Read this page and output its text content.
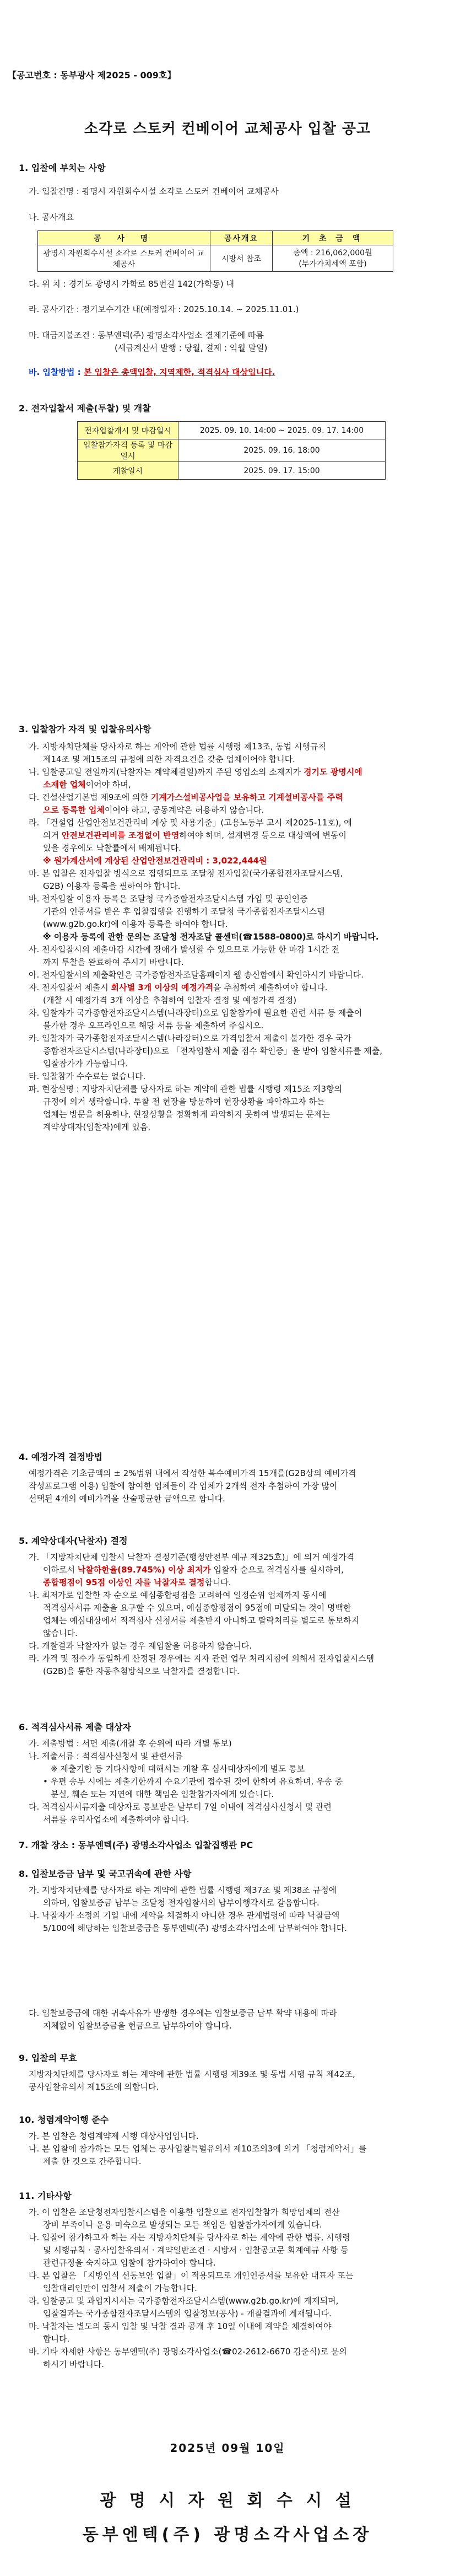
【공고번호 : 동부광사 제2025 - 009호】
소각로 스토커 컨베이어 교체공사 입찰 공고
1. 입찰에 부치는 사항
가. 입찰건명 : 광명시 자원회수시설 소각로 스토커 컨베이어 교체공사
나. 공사개요
공 사 명	공사개요	기 초 금 액
광명시 자원회수시설 소각로 스토커 컨베이어 교체공사	시방서 참조	총액 : 216,062,000원
(부가가치세액 포함)
다. 위 치 : 경기도 광명시 가학로 85번길 142(가학동) 내
라. 공사기간 : 정기보수기간 내(예정일자 : 2025.10.14. ~ 2025.11.01.)
마. 대금지불조건 : 동부엔텍(주) 광명소각사업소 결제기준에 따름
(세금계산서 발행 : 당월, 결제 : 익월 말일)
바. 입찰방법 : 본 입찰은 총액입찰, 지역제한, 적격심사 대상입니다.
2. 전자입찰서 제출(투찰) 및 개찰
전자입찰개시 및 마감일시	2025. 09. 10. 14:00 ~ 2025. 09. 17. 14:00
입찰참가자격 등록 및 마감일시	2025. 09. 16. 18:00
개찰일시	2025. 09. 17. 15:00
3. 입찰참가 자격 및 입찰유의사항
가. 지방자치단체를 당사자로 하는 계약에 관한 법률 시행령 제13조, 동법 시행규칙
제14조 및 제15조의 규정에 의한 자격요건을 갖춘 업체이어야 합니다.
나. 입찰공고일 전일까지(낙찰자는 계약체결일)까지 주된 영업소의 소재지가 경기도 광명시에
소재한 업체이어야 하며,
다. 건설산업기본법 제9조에 의한 기계가스설비공사업을 보유하고 기계설비공사를 주력
으로 등록한 업체이어야 하고, 공동계약은 허용하지 않습니다.
라. 「건설업 산업안전보건관리비 계상 및 사용기준」(고용노동부 고시 제2025-11호), 에
의거 안전보건관리비를 조정없이 반영하여야 하며, 설계변경 등으로 대상액에 변동이
있을 경우에도 낙찰률에서 배제됩니다.
※ 원가계산서에 계상된 산업안전보건관리비 : 3,022,444원
마. 본 입찰은 전자입찰 방식으로 집행되므로 조달청 전자입찰(국가종합전자조달시스템,
G2B) 이용자 등록을 필하여야 합니다.
바. 전자입찰 이용자 등록은 조달청 국가종합전자조달시스템 가입 및 공인인증
기관의 인증서를 받은 후 입찰집행을 진행하기 조달청 국가종합전자조달시스템
(www.g2b.go.kr)에 이용자 등록을 하여야 합니다.
※ 이용자 등록에 관한 문의는 조달청 전자조달 콜센터(☎1588-0800)로 하시기 바랍니다.
사. 전자입찰시의 제출마감 시간에 장애가 발생할 수 있으므로 가능한 한 마감 1시간 전
까지 투찰을 완료하여 주시기 바랍니다.
아. 전자입찰서의 제출확인은 국가종합전자조달홈페이지 웹 송신함에서 확인하시기 바랍니다.
자. 전자입찰서 제출시 회사별 3개 이상의 예정가격을 추첨하여 제출하여야 합니다.
(개찰 시 예정가격 3개 이상을 추첨하여 입찰자 결정 및 예정가격 결정)
차. 입찰자가 국가종합전자조달시스템(나라장터)으로 입찰참가에 필요한 관련 서류 등 제출이
불가한 경우 오프라인으로 해당 서류 등을 제출하여 주십시오.
카. 입찰자가 국가종합전자조달시스템(나라장터)으로 가격입찰서 제출이 불가한 경우 국가
종합전자조달시스템(나라장터)으로 「전자입찰서 제출 접수 확인증」을 받아 입찰서류를 제출,
입찰참가가 가능합니다.
타. 입찰참가 수수료는 없습니다.
파. 현장설명 : 지방자치단체를 당사자로 하는 계약에 관한 법률 시행령 제15조 제3항의
규정에 의거 생략합니다. 투찰 전 현장을 방문하여 현장상황을 파악하고자 하는
업체는 방문을 허용하나, 현장상황을 정확하게 파악하지 못하여 발생되는 문제는
계약상대자(입찰자)에게 있음.
4. 예정가격 결정방법
예정가격은 기초금액의 ± 2%범위 내에서 작성한 복수예비가격 15개를(G2B상의 예비가격
작성프로그램 이용) 입찰에 참여한 업체들이 각 업체가 2개씩 전자 추첨하여 가장 많이
선택된 4개의 예비가격을 산술평균한 금액으로 합니다.
5. 계약상대자(낙찰자) 결정
가. 「지방자치단체 입찰시 낙찰자 결정기준(행정안전부 예규 제325호)」에 의거 예정가격
이하로서 낙찰하한율(89.745%) 이상 최저가 입찰자 순으로 적격심사를 실시하여,
종합평점이 95점 이상인 자를 낙찰자로 결정합니다.
나. 최저가로 입찰한 자 순으로 예심종합평점을 고려하여 일정순위 업체까지 동시에
적격심사서류 제출을 요구할 수 있으며, 예심종합평점이 95점에 미달되는 것이 명백한
업체는 예심대상에서 적격심사 신청서를 제출받지 아니하고 탈락처리를 별도로 통보하지
않습니다.
다. 개찰결과 낙찰자가 없는 경우 재입찰을 허용하지 않습니다.
라. 가격 및 점수가 동일하게 산정된 경우에는 지자 관련 업무 처리지침에 의해서 전자입찰시스템
(G2B)을 통한 자동추첨방식으로 낙찰자를 결정합니다.
6. 적격심사서류 제출 대상자
가. 제출방법 : 서면 제출(개찰 후 순위에 따라 개별 통보)
나. 제출서류 : 적격심사신청서 및 관련서류
※ 제출기한 등 기타사항에 대해서는 개찰 후 심사대상자에게 별도 통보
• 우편 송부 시에는 제출기한까지 수요기관에 접수된 것에 한하여 유효하며, 우송 중
분실, 훼손 또는 지연에 대한 책임은 입찰참가자에게 있습니다.
다. 적격심사서류제출 대상자로 통보받은 날부터 7일 이내에 적격심사신청서 및 관련
서류를 우리사업소에 제출하여야 합니다.
7. 개찰 장소 : 동부엔텍(주) 광명소각사업소 입찰집행관 PC
8. 입찰보증금 납부 및 국고귀속에 관한 사항
가. 지방자치단체를 당사자로 하는 계약에 관한 법률 시행령 제37조 및 제38조 규정에
의하며, 입찰보증금 납부는 조달청 전자입찰서의 납부이행각서로 갈음합니다.
나. 낙찰자가 소정의 기일 내에 계약을 체결하지 아니한 경우 관계법령에 따라 낙찰금액
5/100에 해당하는 입찰보증금을 동부엔텍(주) 광명소각사업소에 납부하여야 합니다.
다. 입찰보증금에 대한 귀속사유가 발생한 경우에는 입찰보증금 납부 확약 내용에 따라
지체없이 입찰보증금을 현금으로 납부하여야 합니다.
9. 입찰의 무효
지방자치단체를 당사자로 하는 계약에 관한 법률 시행령 제39조 및 동법 시행 규칙 제42조,
공사입찰유의서 제15조에 의합니다.
10. 청렴계약이행 준수
가. 본 입찰은 청렴계약제 시행 대상사업입니다.
나. 본 입찰에 참가하는 모든 업체는 공사입찰특별유의서 제10조의3에 의거 「청렴계약서」를
제출 한 것으로 간주합니다.
11. 기타사항
가. 이 입찰은 조달청전자입찰시스템을 이용한 입찰으로 전자입찰참가 희망업체의 전산
장비 부족이나 운용 미숙으로 발생되는 모든 책임은 입찰참가자에게 있습니다.
나. 입찰에 참가하고자 하는 자는 지방자치단체를 당사자로 하는 계약에 관한 법률, 시행령
및 시행규칙 · 공사입찰유의서 · 계약일반조건 · 시방서 · 입찰공고문 회계예규 사항 등
관련규정을 숙지하고 입찰에 참가하여야 합니다.
다. 본 입찰은 「지방인식 선동보안 입찰」이 적용되므로 개인인증서를 보유한 대표자 또는
입찰대리인만이 입찰서 제출이 가능합니다.
라. 입찰공고 및 과업지시서는 국가종합전자조달시스템(www.g2b.go.kr)에 게재되며,
입찰결과는 국가종합전자조달시스템의 입찰정보(공사) - 개찰결과에 게재됩니다.
마. 낙찰자는 별도의 동시 입찰 및 낙찰 결과 공개 후 10일 이내에 계약을 체결하여야
합니다.
바. 기타 자세한 사항은 동부엔텍(주) 광명소각사업소(☎02-2612-6670 김준식)로 문의
하시기 바랍니다.
2025년 09월 10일
광 명 시 자 원 회 수 시 설
동부엔텍(주) 광명소각사업소장
